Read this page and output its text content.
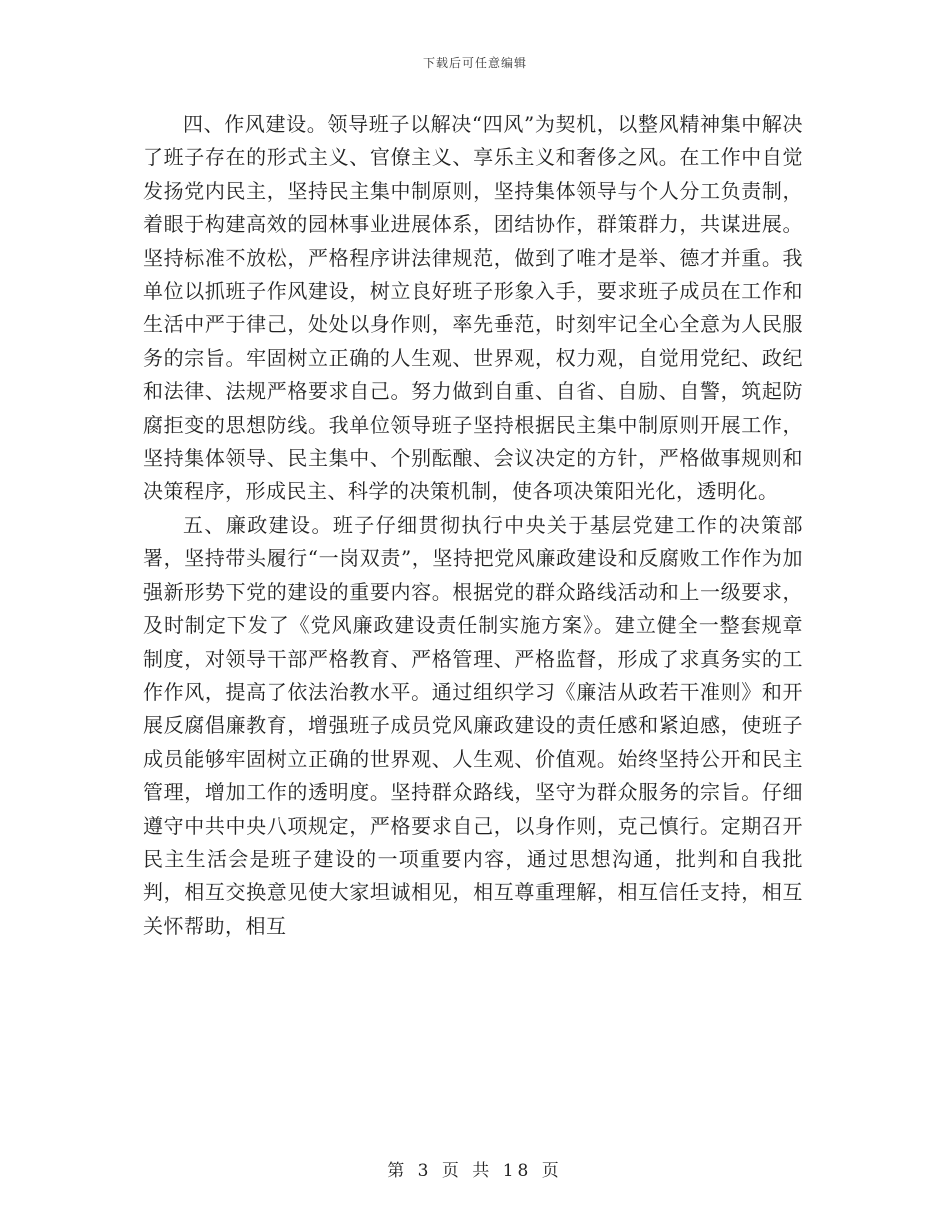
下载后可任意编辑

四、作风建设。领导班子以解决“四风”为契机，以整风精神集中解决了班子存在的形式主义、官僚主义、享乐主义和奢侈之风。在工作中自觉发扬党内民主，坚持民主集中制原则，坚持集体领导与个人分工负责制，着眼于构建高效的园林事业进展体系，团结协作，群策群力，共谋进展。坚持标准不放松，严格程序讲法律规范，做到了唯才是举、德才并重。我单位以抓班子作风建设，树立良好班子形象入手，要求班子成员在工作和生活中严于律己，处处以身作则，率先垂范，时刻牢记全心全意为人民服务的宗旨。牢固树立正确的人生观、世界观，权力观，自觉用党纪、政纪和法律、法规严格要求自己。努力做到自重、自省、自励、自警，筑起防腐拒变的思想防线。我单位领导班子坚持根据民主集中制原则开展工作，坚持集体领导、民主集中、个别酝酿、会议决定的方针，严格做事规则和决策程序，形成民主、科学的决策机制，使各项决策阳光化，透明化。

五、廉政建设。班子仔细贯彻执行中央关于基层党建工作的决策部署，坚持带头履行“一岗双责”，坚持把党风廉政建设和反腐败工作作为加强新形势下党的建设的重要内容。根据党的群众路线活动和上一级要求，及时制定下发了《党风廉政建设责任制实施方案》。建立健全一整套规章制度，对领导干部严格教育、严格管理、严格监督，形成了求真务实的工作作风，提高了依法治教水平。通过组织学习《廉洁从政若干准则》和开展反腐倡廉教育，增强班子成员党风廉政建设的责任感和紧迫感，使班子成员能够牢固树立正确的世界观、人生观、价值观。始终坚持公开和民主管理，增加工作的透明度。坚持群众路线，坚守为群众服务的宗旨。仔细遵守中共中央八项规定，严格要求自己，以身作则，克己慎行。定期召开民主生活会是班子建设的一项重要内容，通过思想沟通，批判和自我批判，相互交换意见使大家坦诚相见，相互尊重理解，相互信任支持，相互关怀帮助，相互

第 3 页 共 18 页
